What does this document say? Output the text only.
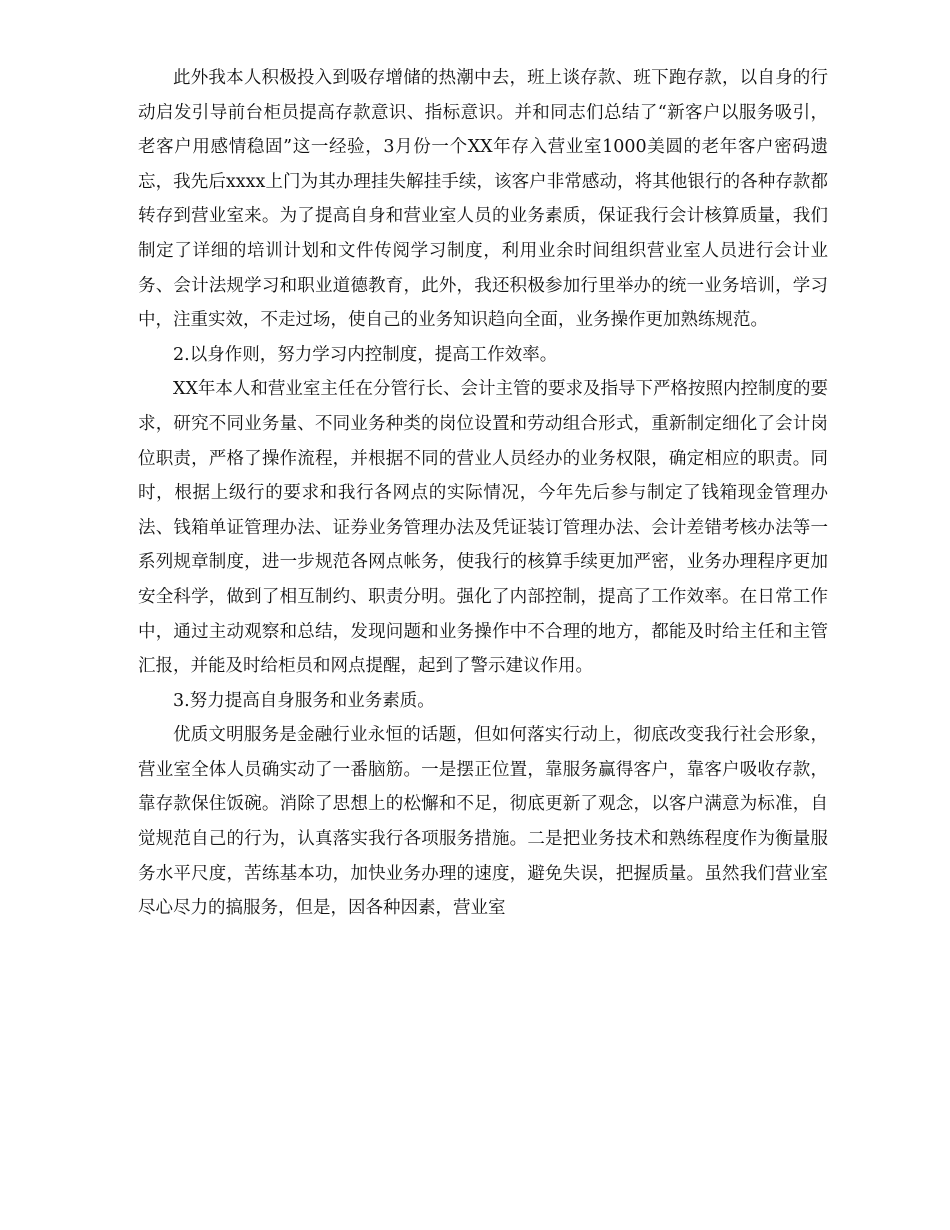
此外我本人积极投入到吸存增储的热潮中去，班上谈存款、班下跑存款，以自身的行动启发引导前台柜员提高存款意识、指标意识。并和同志们总结了“新客户以服务吸引，老客户用感情稳固”这一经验，3月份一个XX年存入营业室1000美圆的老年客户密码遗忘，我先后xxxx上门为其办理挂失解挂手续，该客户非常感动，将其他银行的各种存款都转存到营业室来。为了提高自身和营业室人员的业务素质，保证我行会计核算质量，我们制定了详细的培训计划和文件传阅学习制度，利用业余时间组织营业室人员进行会计业务、会计法规学习和职业道德教育，此外，我还积极参加行里举办的统一业务培训，学习中，注重实效，不走过场，使自己的业务知识趋向全面，业务操作更加熟练规范。

2.以身作则，努力学习内控制度，提高工作效率。

XX年本人和营业室主任在分管行长、会计主管的要求及指导下严格按照内控制度的要求，研究不同业务量、不同业务种类的岗位设置和劳动组合形式，重新制定细化了会计岗位职责，严格了操作流程，并根据不同的营业人员经办的业务权限，确定相应的职责。同时，根据上级行的要求和我行各网点的实际情况，今年先后参与制定了钱箱现金管理办法、钱箱单证管理办法、证券业务管理办法及凭证装订管理办法、会计差错考核办法等一系列规章制度，进一步规范各网点帐务，使我行的核算手续更加严密，业务办理程序更加安全科学，做到了相互制约、职责分明。强化了内部控制，提高了工作效率。在日常工作中，通过主动观察和总结，发现问题和业务操作中不合理的地方，都能及时给主任和主管汇报，并能及时给柜员和网点提醒，起到了警示建议作用。

3.努力提高自身服务和业务素质。

优质文明服务是金融行业永恒的话题，但如何落实行动上，彻底改变我行社会形象，营业室全体人员确实动了一番脑筋。一是摆正位置，靠服务赢得客户，靠客户吸收存款，靠存款保住饭碗。消除了思想上的松懈和不足，彻底更新了观念，以客户满意为标准，自觉规范自己的行为，认真落实我行各项服务措施。二是把业务技术和熟练程度作为衡量服务水平尺度，苦练基本功，加快业务办理的速度，避免失误，把握质量。虽然我们营业室尽心尽力的搞服务，但是，因各种因素，营业室
